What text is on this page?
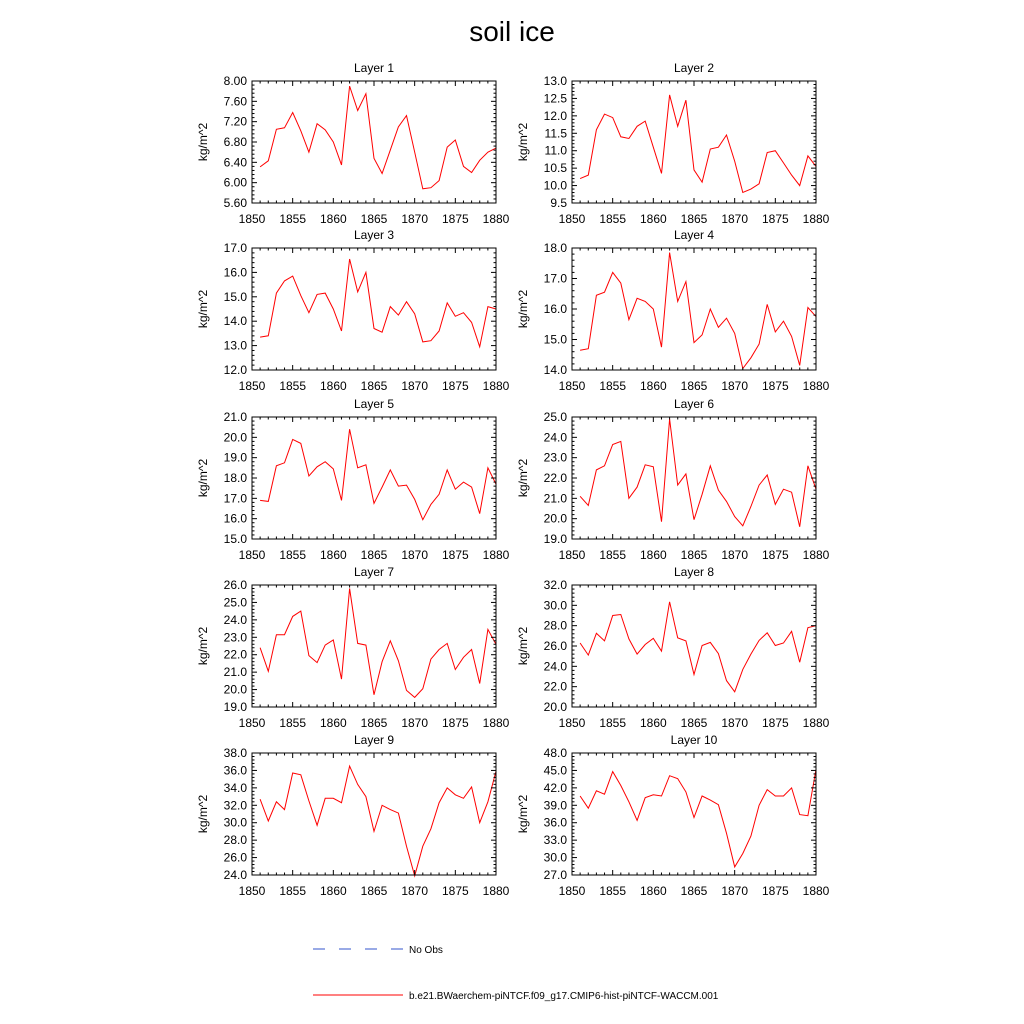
soil ice
Layer 1
1850 1855 1860 1865 1870 1875 1880
5.60
6.00
6.40
6.80
7.20
7.60
8.00
kg/m^2
Layer 2
1850 1855 1860 1865 1870 1875 1880
9.5
10.0
10.5
11.0
11.5
12.0
12.5
13.0
kg/m^2
Layer 3
1850 1855 1860 1865 1870 1875 1880
12.0
13.0
14.0
15.0
16.0
17.0
kg/m^2
Layer 4
1850 1855 1860 1865 1870 1875 1880
14.0
15.0
16.0
17.0
18.0
kg/m^2
Layer 5
1850 1855 1860 1865 1870 1875 1880
15.0
16.0
17.0
18.0
19.0
20.0
21.0
kg/m^2
Layer 6
1850 1855 1860 1865 1870 1875 1880
19.0
20.0
21.0
22.0
23.0
24.0
25.0
kg/m^2
Layer 7
1850 1855 1860 1865 1870 1875 1880
19.0
20.0
21.0
22.0
23.0
24.0
25.0
26.0
kg/m^2
Layer 8
1850 1855 1860 1865 1870 1875 1880
20.0
22.0
24.0
26.0
28.0
30.0
32.0
kg/m^2
Layer 9
1850 1855 1860 1865 1870 1875 1880
24.0
26.0
28.0
30.0
32.0
34.0
36.0
38.0
kg/m^2
Layer 10
1850 1855 1860 1865 1870 1875 1880
27.0
30.0
33.0
36.0
39.0
42.0
45.0
48.0
kg/m^2
No Obs
b.e21.BWaerchem-piNTCF.f09_g17.CMIP6-hist-piNTCF-WACCM.001
